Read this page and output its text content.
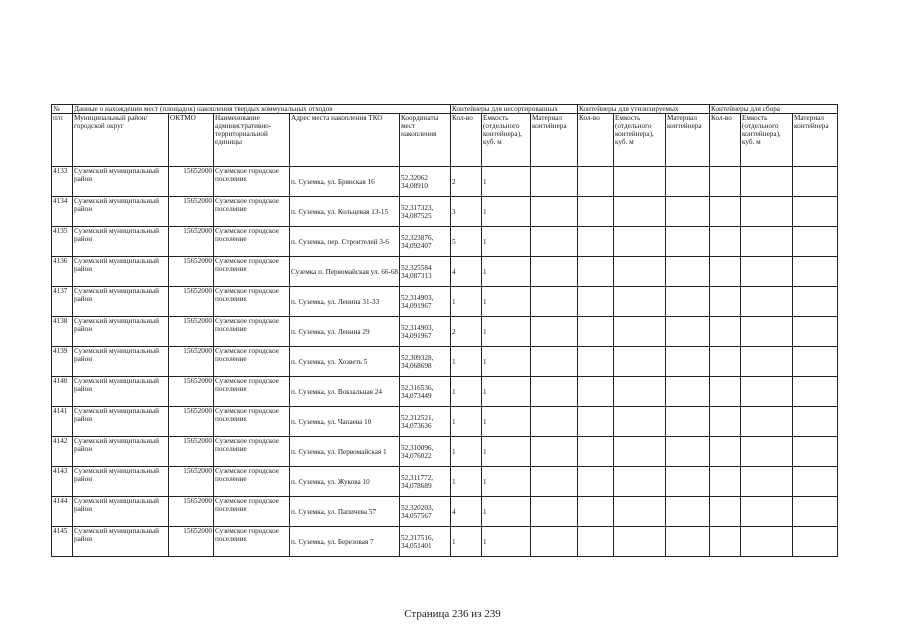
№	Данные о нахождении мест (площадок) накопления твердых коммунальных отходов					Контейнеры для несортированных			Контейнеры для утилизируемых			Контейнеры для сбора		
п/п	Муниципальный район/городской округ	ОКТМО	Наименование административно-территориальной единицы	Адрес места накопления ТКО	Координаты мест накопления	Кол-во	Емкость (отдельного контейнера), куб. м	Материал контейнера	Кол-во	Емкость (отдельного контейнера), куб. м	Материал контейнера	Кол-во	Емкость (отдельного контейнера), куб. м	Материал контейнера
4133	Суземский муниципальный район	15652000	Суземское городское поселение	п. Суземка, ул. Брянская 16	52,32062 34,08910	2	1							
4134	Суземский муниципальный район	15652000	Суземское городское поселение	п. Суземка, ул. Кольцевая 13-15	52,317323, 34,087525	3	1							
4135	Суземский муниципальный район	15652000	Суземское городское поселение	п. Суземка, пер. Строителей 3-6	52,323876, 34,092407	5	1							
4136	Суземский муниципальный район	15652000	Суземское городское поселение	Суземка п. Первомайская ул. 66-68	52,325584 34,087313	4	1							
4137	Суземский муниципальный район	15652000	Суземское городское поселение	п. Суземка, ул. Ленина 31-33	52,314903, 34,091967	1	1							
4138	Суземский муниципальный район	15652000	Суземское городское поселение	п. Суземка, ул. Ленина 29	52,314903, 34,091967	2	1							
4139	Суземский муниципальный район	15652000	Суземское городское поселение	п. Суземка, ул. Хозветь 5	52,309328, 34,068698	1	1							
4140	Суземский муниципальный район	15652000	Суземское городское поселение	п. Суземка, ул. Вокзальная 24	52,316536, 34,073449	1	1							
4141	Суземский муниципальный район	15652000	Суземское городское поселение	п. Суземка, ул. Чапаева 10	52,312521, 34,073636	1	1							
4142	Суземский муниципальный район	15652000	Суземское городское поселение	п. Суземка, ул. Первомайская 1	52,310096, 34,076022	1	1							
4143	Суземский муниципальный район	15652000	Суземское городское поселение	п. Суземка, ул. Жукова 10	52,311772, 34,078689	1	1							
4144	Суземский муниципальный район	15652000	Суземское городское поселение	п. Суземка, ул. Папичева 57	52,320203, 34,057567	4	1							
4145	Суземский муниципальный район	15652000	Суземское городское поселение	п. Суземка, ул. Березовая 7	52,317516, 34,051401	1	1							
Страница 236 из 239
